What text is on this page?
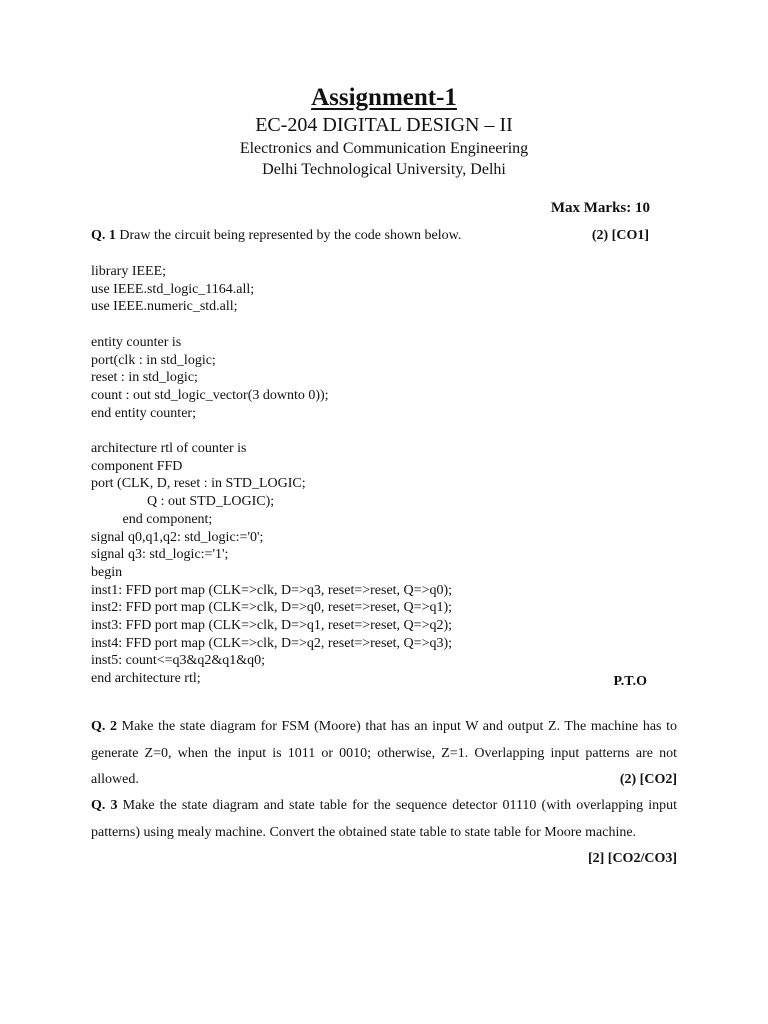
Assignment-1
EC-204 DIGITAL DESIGN – II
Electronics and Communication Engineering
Delhi Technological University, Delhi
Max Marks: 10
Q. 1 Draw the circuit being represented by the code shown below.	(2) [CO1]
library IEEE;
use IEEE.std_logic_1164.all;
use IEEE.numeric_std.all;

entity counter is
port(clk : in std_logic;
reset : in std_logic;
count : out std_logic_vector(3 downto 0));
end entity counter;

architecture rtl of counter is
component FFD
port (CLK, D, reset : in STD_LOGIC;
Q : out STD_LOGIC);
end component;
signal q0,q1,q2: std_logic:='0';
signal q3: std_logic:='1';
begin
inst1: FFD port map (CLK=>clk, D=>q3, reset=>reset, Q=>q0);
inst2: FFD port map (CLK=>clk, D=>q0, reset=>reset, Q=>q1);
inst3: FFD port map (CLK=>clk, D=>q1, reset=>reset, Q=>q2);
inst4: FFD port map (CLK=>clk, D=>q2, reset=>reset, Q=>q3);
inst5: count<=q3&q2&q1&q0;
end architecture rtl;	P.T.O
Q. 2 Make the state diagram for FSM (Moore) that has an input W and output Z. The machine has to generate Z=0, when the input is 1011 or 0010; otherwise, Z=1. Overlapping input patterns are not allowed.	(2) [CO2]
Q. 3 Make the state diagram and state table for the sequence detector 01110 (with overlapping input patterns) using mealy machine. Convert the obtained state table to state table for Moore machine.
[2] [CO2/CO3]
